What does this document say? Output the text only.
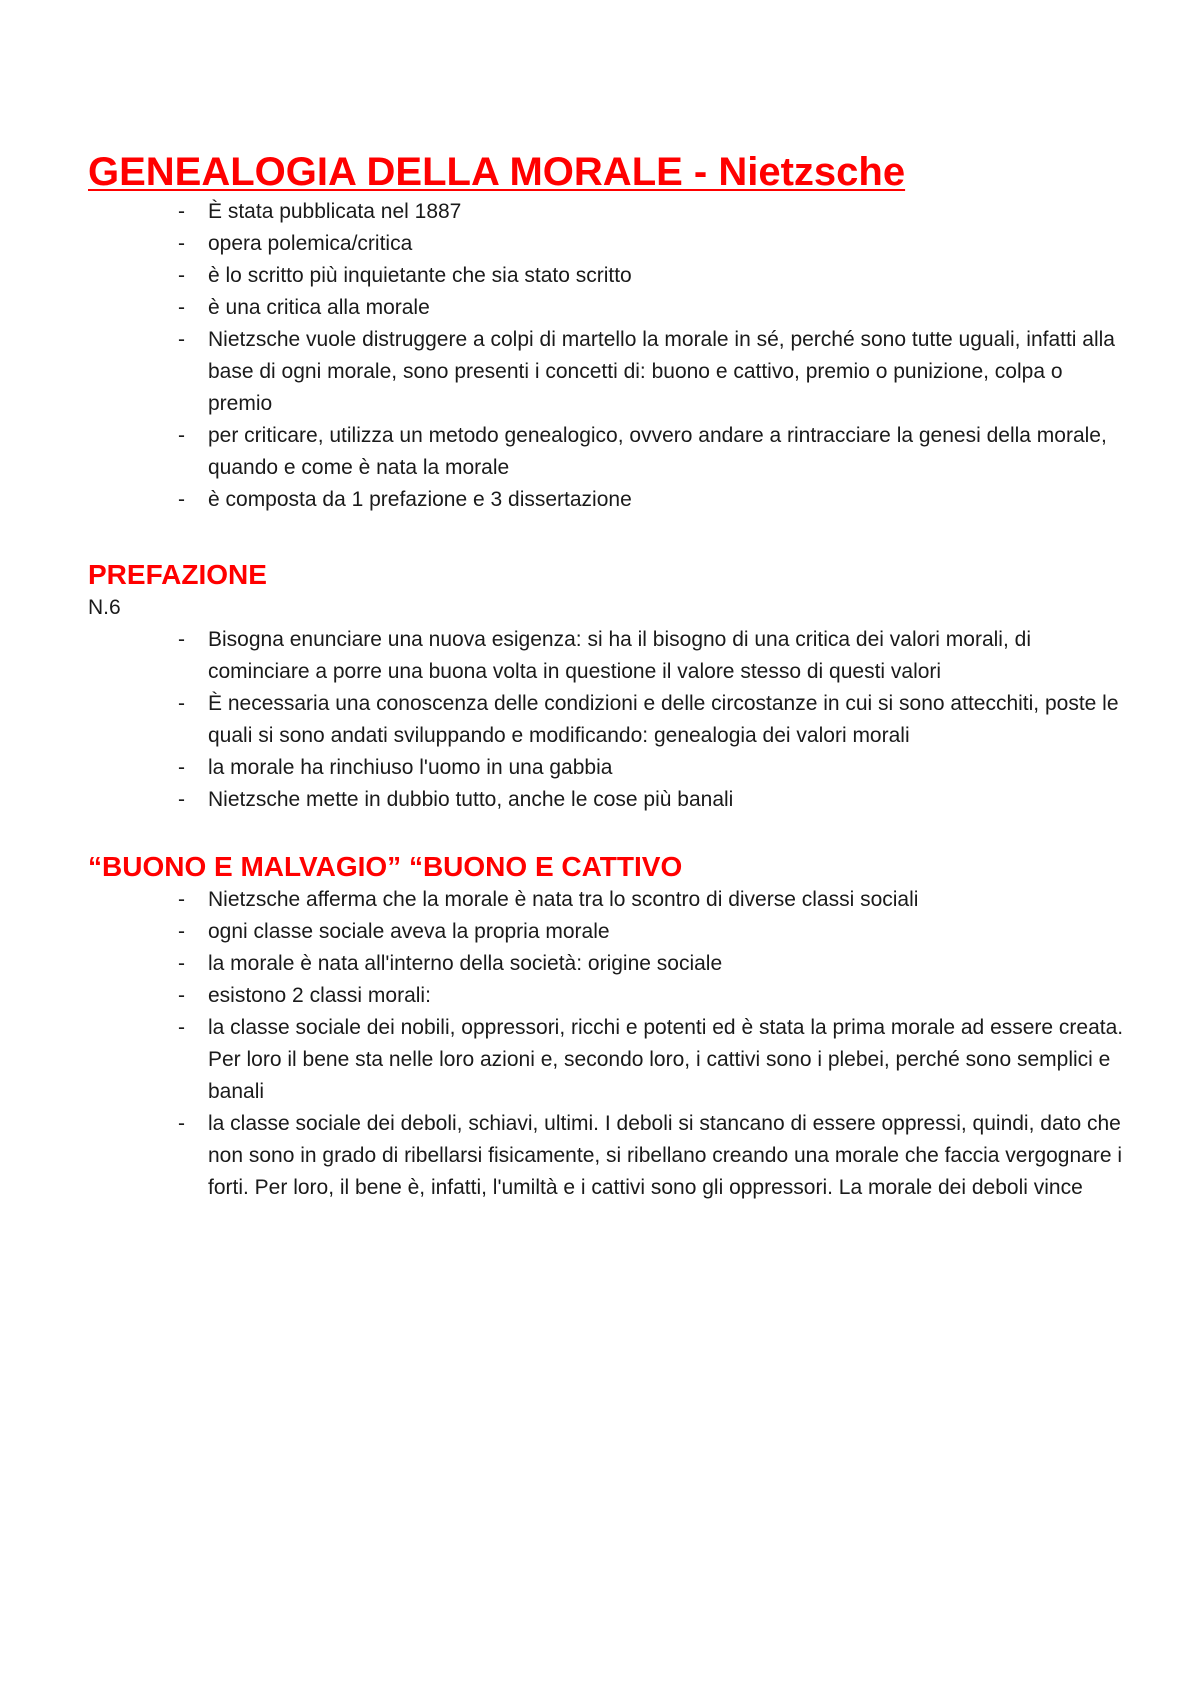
GENEALOGIA DELLA MORALE - Nietzsche
- È stata pubblicata nel 1887
- opera polemica/critica
- è lo scritto più inquietante che sia stato scritto
- è una critica alla morale
- Nietzsche vuole distruggere a colpi di martello la morale in sé, perché sono tutte uguali, infatti alla base di ogni morale, sono presenti i concetti di: buono e cattivo, premio o punizione, colpa o premio
- per criticare, utilizza un metodo genealogico, ovvero andare a rintracciare la genesi della morale, quando e come è nata la morale
- è composta da 1 prefazione e 3 dissertazione
PREFAZIONE

N.6

- Bisogna enunciare una nuova esigenza: si ha il bisogno di una critica dei valori morali, di cominciare a porre una buona volta in questione il valore stesso di questi valori
- È necessaria una conoscenza delle condizioni e delle circostanze in cui si sono attecchiti, poste le quali si sono andati sviluppando e modificando: genealogia dei valori morali
- la morale ha rinchiuso l'uomo in una gabbia
- Nietzsche mette in dubbio tutto, anche le cose più banali
“BUONO E MALVAGIO” “BUONO E CATTIVO
- Nietzsche afferma che la morale è nata tra lo scontro di diverse classi sociali
- ogni classe sociale aveva la propria morale
- la morale è nata all'interno della società: origine sociale
- esistono 2 classi morali:
- la classe sociale dei nobili, oppressori, ricchi e potenti ed è stata la prima morale ad essere creata. Per loro il bene sta nelle loro azioni e, secondo loro, i cattivi sono i plebei, perché sono semplici e banali
- la classe sociale dei deboli, schiavi, ultimi. I deboli si stancano di essere oppressi, quindi, dato che non sono in grado di ribellarsi fisicamente, si ribellano creando una morale che faccia vergognare i forti. Per loro, il bene è, infatti, l'umiltà e i cattivi sono gli oppressori. La morale dei deboli vince
